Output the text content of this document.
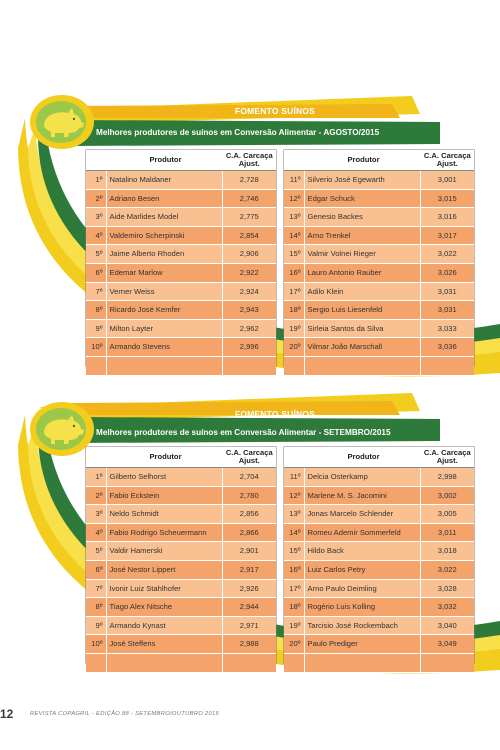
FOMENTO SUÍNOS
Melhores produtores de suínos em Conversão Alimentar - AGOSTO/2015
	Produtor	C.A. Carcaça
Ajust.
1º	Natalino Maldaner	2,728
2º	Adriano Besen	2,746
3º	Aide Marlides Model	2,775
4º	Valdemiro Scherpinski	2,854
5º	Jaime Alberto Rhoden	2,906
6º	Edemar Marlow	2,922
7º	Verner Weiss	2,924
8º	Ricardo José Kemfer	2,943
9º	Milton Layter	2,962
10º	Armando Stevens	2,996

	Produtor	C.A. Carcaça
Ajust.
11º	Silverio José Egewarth	3,001
12º	Edgar Schuck	3,015
13º	Genesio Backes	3,016
14º	Arno Trenkel	3,017
15º	Valmir Volnei Rieger	3,022
16º	Lauro Antonio Rauber	3,026
17º	Adilo Klein	3,031
18º	Sergio Luis Liesenfeld	3,031
19º	Sirleia Santos da Silva	3,033
20º	Vilmar João Marschall	3,036

FOMENTO SUÍNOS
Melhores produtores de suínos em Conversão Alimentar - SETEMBRO/2015
	Produtor	C.A. Carcaça
Ajust.
1º	Gilberto Selhorst	2,704
2º	Fabio Eckstein	2,780
3º	Neldo Schmidt	2,856
4º	Fabio Rodrigo Scheuermann	2,866
5º	Valdir Hamerski	2,901
6º	José Nestor Lippert	2,917
7º	Ivonir Luiz Stahlhofer	2,926
8º	Tiago Alex Nitsche	2,944
9º	Armando Kynast	2,971
10º	José Steffens	2,988

	Produtor	C.A. Carcaça
Ajust.
11º	Delcia Osterkamp	2,998
12º	Marlene M. S. Jacomini	3,002
13º	Jonas Marcelo Schlender	3,005
14º	Romeu Ademir Sommerfeld	3,011
15º	Hildo Back	3,018
16º	Luiz Carlos Petry	3,022
17º	Arno Paulo Deimling	3,028
18º	Rogério Luis Kolling	3,032
19º	Tarcisio José Rockembach	3,040
20º	Paulo Prediger	3,049

12	REVISTA COPAGRIL - EDIÇÃO 88 - SETEMBRO/OUTUBRO 2015
